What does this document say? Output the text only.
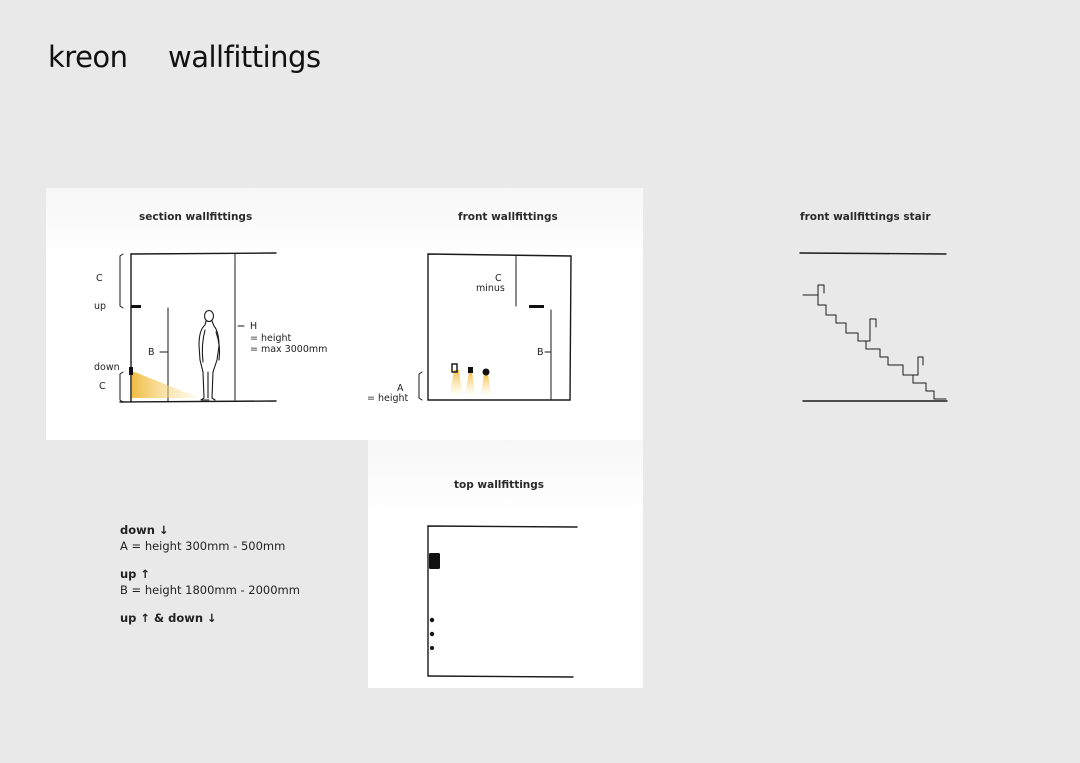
kreon wallfittings
section wallfittings	front wallfittings	front wallfittings stair
top wallfittings
C
up
B
down
C
H
= height
= max 3000mm
C
minus
B
A
= height
down ↓
A = height 300mm - 500mm
up ↑
B = height 1800mm - 2000mm
up ↑ & down ↓
